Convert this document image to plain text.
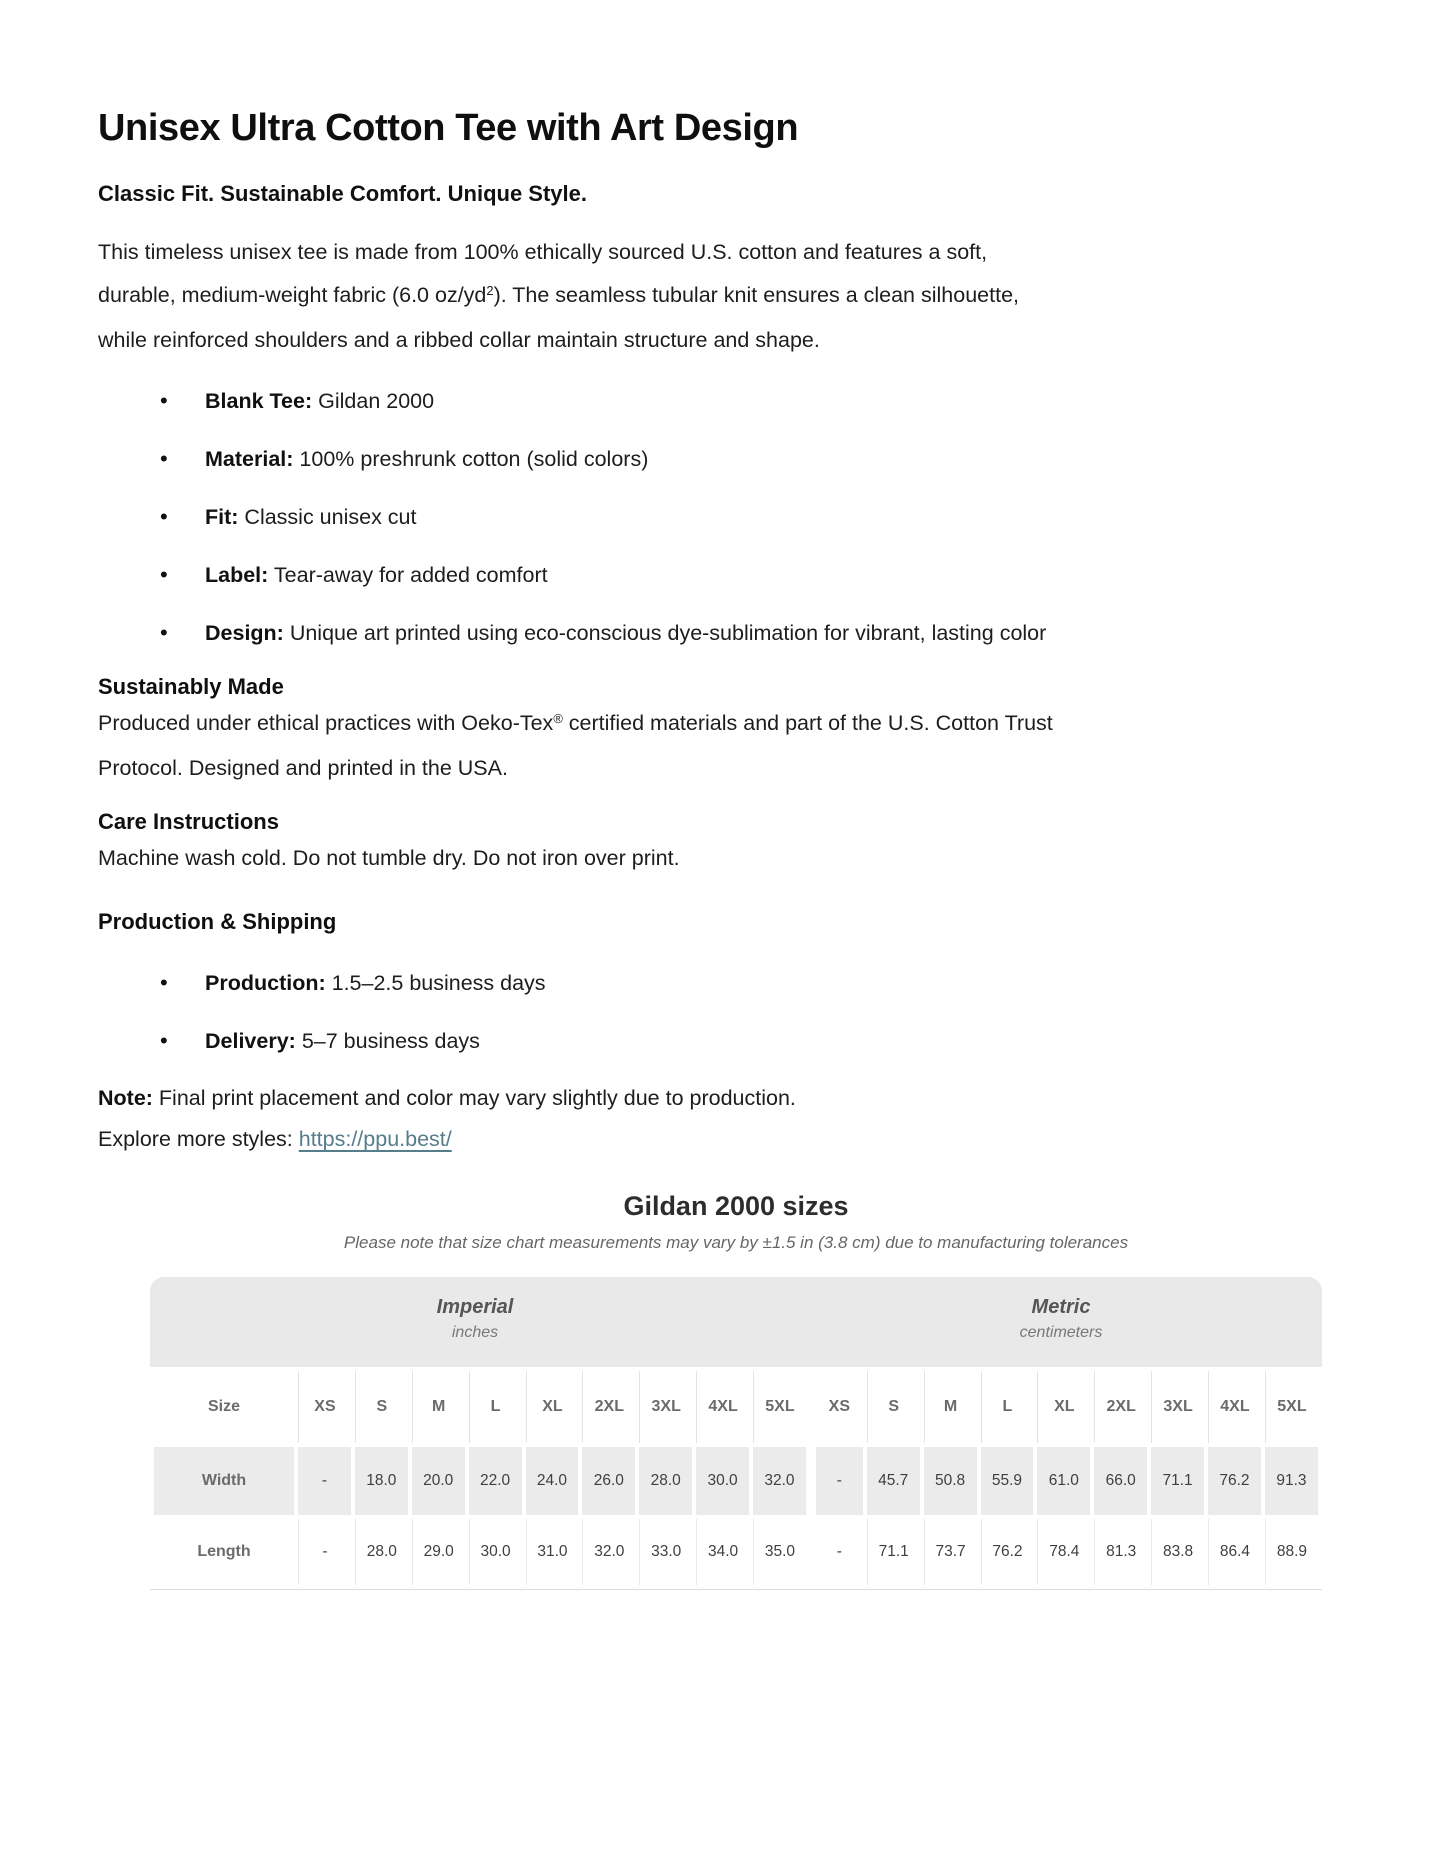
Unisex Ultra Cotton Tee with Art Design
Classic Fit. Sustainable Comfort. Unique Style.

This timeless unisex tee is made from 100% ethically sourced U.S. cotton and features a soft,
durable, medium-weight fabric (6.0 $oz/yd^2$). The seamless tubular knit ensures a clean silhouette,
while reinforced shoulders and a ribbed collar maintain structure and shape.

• Blank Tee: Gildan 2000
• Material: 100% preshrunk cotton (solid colors)
• Fit: Classic unisex cut
• Label: Tear-away for added comfort
• Design: Unique art printed using eco-conscious dye-sublimation for vibrant, lasting color
Sustainably Made

Produced under ethical practices with Oeko-Tex® certified materials and part of the U.S. Cotton Trust
Protocol. Designed and printed in the USA.

Care Instructions

Machine wash cold. Do not tumble dry. Do not iron over print.

Production & Shipping
• Production: 1.5–2.5 business days
• Delivery: 5–7 business days

Note: Final print placement and color may vary slightly due to production.
Explore more styles: https://ppu.best/

Gildan 2000 sizes

Please note that size chart measurements may vary by ±1.5 in (3.8 cm) due to manufacturing tolerances

Imperial
inches
Metric
centimeters
Size	XS	S	M	L	XL	2XL	3XL	4XL	5XL	XS	S	M	L	XL	2XL	3XL	4XL	5XL
Width	-	18.0	20.0	22.0	24.0	26.0	28.0	30.0	32.0	-	45.7	50.8	55.9	61.0	66.0	71.1	76.2	91.3
Length	-	28.0	29.0	30.0	31.0	32.0	33.0	34.0	35.0	-	71.1	73.7	76.2	78.4	81.3	83.8	86.4	88.9
